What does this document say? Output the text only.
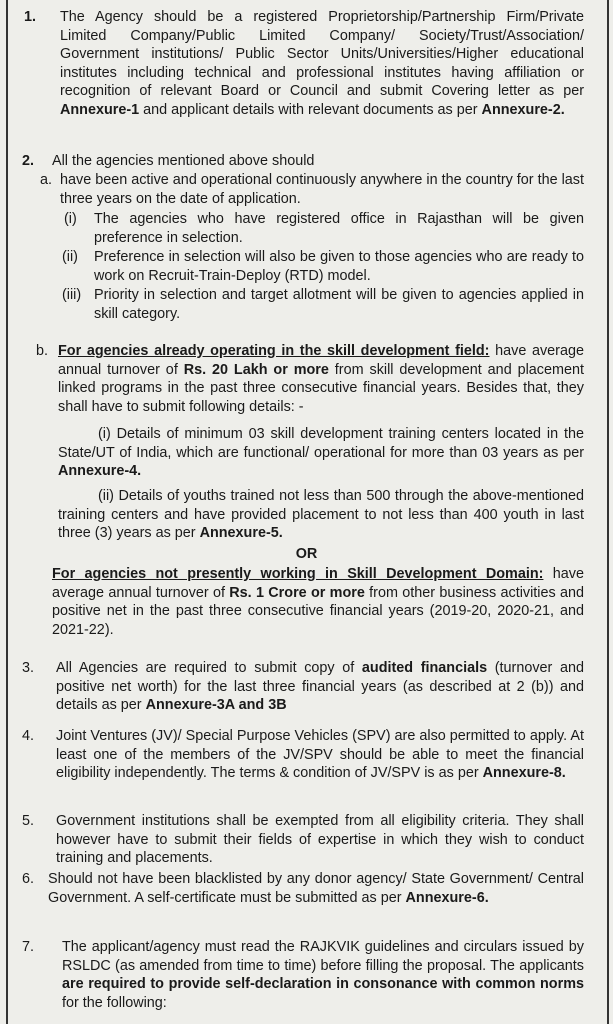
1. The Agency should be a registered Proprietorship/Partnership Firm/Private Limited Company/Public Limited Company/ Society/Trust/Association/ Government institutions/ Public Sector Units/Universities/Higher educational institutes including technical and professional institutes having affiliation or recognition of relevant Board or Council and submit Covering letter as per Annexure-1 and applicant details with relevant documents as per Annexure-2.
2. All the agencies mentioned above should
a. have been active and operational continuously anywhere in the country for the last three years on the date of application.
(i) The agencies who have registered office in Rajasthan will be given preference in selection.
(ii) Preference in selection will also be given to those agencies who are ready to work on Recruit-Train-Deploy (RTD) model.
(iii) Priority in selection and target allotment will be given to agencies applied in skill category.
b. For agencies already operating in the skill development field: have average annual turnover of Rs. 20 Lakh or more from skill development and placement linked programs in the past three consecutive financial years. Besides that, they shall have to submit following details: -
(i) Details of minimum 03 skill development training centers located in the State/UT of India, which are functional/ operational for more than 03 years as per Annexure-4.
(ii) Details of youths trained not less than 500 through the above-mentioned training centers and have provided placement to not less than 400 youth in last three (3) years as per Annexure-5.
OR
For agencies not presently working in Skill Development Domain: have average annual turnover of Rs. 1 Crore or more from other business activities and positive net in the past three consecutive financial years (2019-20, 2020-21, and 2021-22).
3. All Agencies are required to submit copy of audited financials (turnover and positive net worth) for the last three financial years (as described at 2 (b)) and details as per Annexure-3A and 3B
4. Joint Ventures (JV)/ Special Purpose Vehicles (SPV) are also permitted to apply. At least one of the members of the JV/SPV should be able to meet the financial eligibility independently. The terms & condition of JV/SPV is as per Annexure-8.
5. Government institutions shall be exempted from all eligibility criteria. They shall however have to submit their fields of expertise in which they wish to conduct training and placements.
6. Should not have been blacklisted by any donor agency/ State Government/ Central Government. A self-certificate must be submitted as per Annexure-6.
7. The applicant/agency must read the RAJKVIK guidelines and circulars issued by RSLDC (as amended from time to time) before filling the proposal. The applicants are required to provide self-declaration in consonance with common norms for the following:
